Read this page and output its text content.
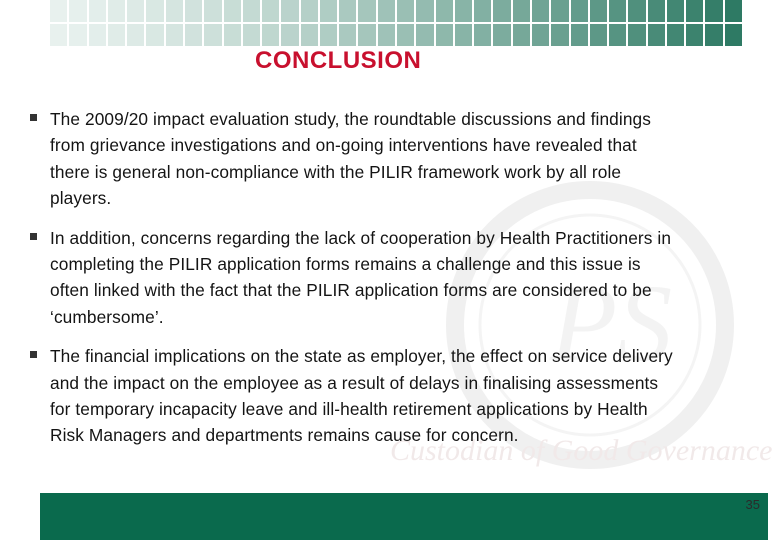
PS
Custodian of Good Governance
CONCLUSION
The 2009/20 impact evaluation study, the roundtable discussions and findings
from grievance investigations and on-going interventions have revealed that
there is general non-compliance with the PILIR framework work by all role
players.
In addition, concerns regarding the lack of cooperation by Health Practitioners in
completing the PILIR application forms remains a challenge and this issue is
often linked with the fact that the PILIR application forms are considered to be
‘cumbersome’.
The financial implications on the state as employer, the effect on service delivery
and the impact on the employee as a result of delays in finalising assessments
for temporary incapacity leave and ill-health retirement applications by Health
Risk Managers and departments remains cause for concern.
35
